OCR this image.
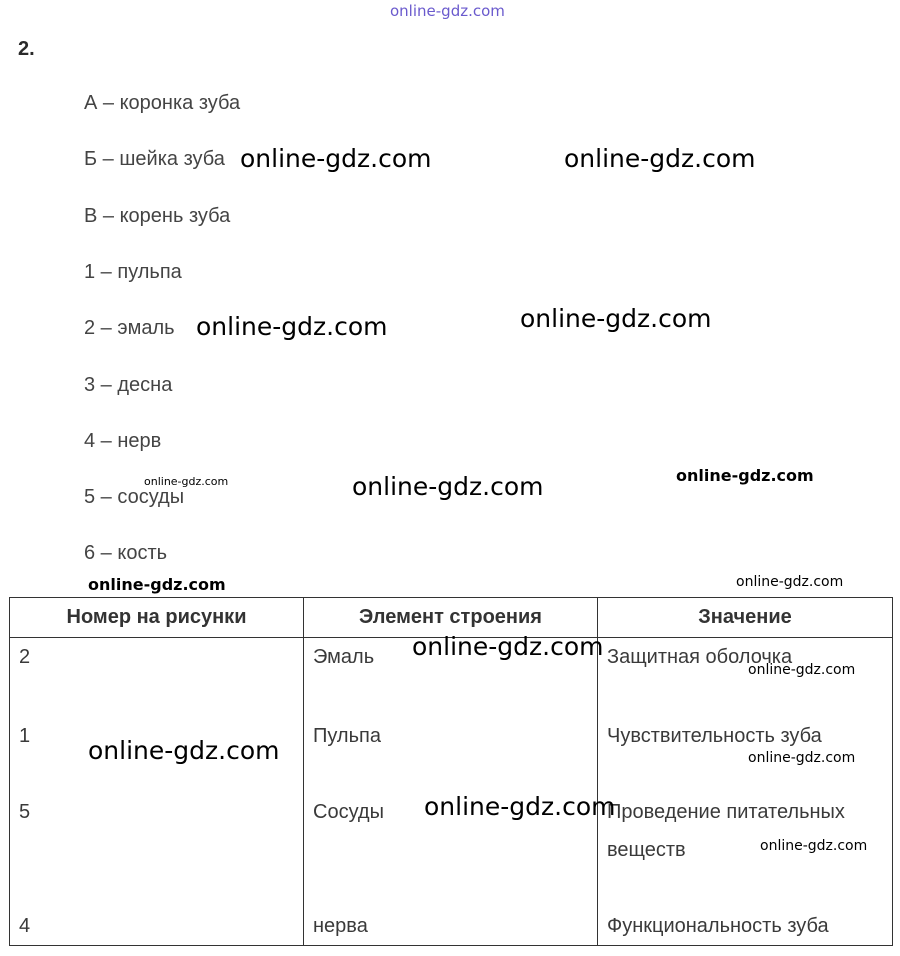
online-gdz.com
2.
А – коронка зуба
Б – шейка зуба
В – корень зуба
1 – пульпа
2 – эмаль
3 – десна
4 – нерв
5 – сосуды
6 – кость
Номер на рисунки	Элемент строения	Значение
2	Эмаль	Защитная оболочка
1	Пульпа	Чувствительность зуба
5	Сосуды	Проведение питательных веществ
4	нерва	Функциональность зуба
online-gdz.com	online-gdz.com
online-gdz.com	online-gdz.com
online-gdz.com	online-gdz.com	online-gdz.com
online-gdz.com	online-gdz.com
online-gdz.com
online-gdz.com
online-gdz.com	online-gdz.com
online-gdz.com
online-gdz.com
